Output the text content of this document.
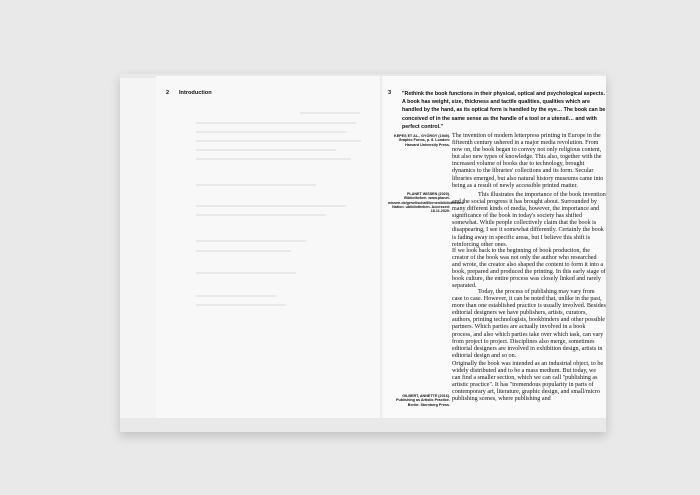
2 Introduction	3 "Rethink the book functions in their physical, optical and psychological aspects. A book has weight, size, thickness and tactile qualities, qualities which are handled by the hand, as its optical form is handled by the eye… The book can be conceived of in the same sense as the handle of a tool or a utensil… and with perfect control."
KEPES ET AL., GYÖRGY (1949). Graphic Forms, p. 8. London: Harvard University Press.
PLANET WISSEN (2020). Bibliotheken. www.planet-wissen.de/gesellschaft/lernen/bibliotheken/ Nation. ubibliotheken. Accessed: 18.11.2020.
GILBERT, ANNETTE (2016). Publishing as Artistic Practice. Berlin: Sternberg Press.

The invention of modern letterpress printing in Europe in the fifteenth century ushered in a major media revolution. From now on, the book began to convey not only religious content, but also new types of knowledge. This also, together with the increased volume of books due to technology, brought dynamics to the libraries' collections and its form. Secular libraries emerged, but also natural history museums came into being as a result of newly accessible printed matter.

This illustrates the importance of the book invention and the social progress it has brought about. Surrounded by many different kinds of media, however, the importance and significance of the book in today's society has shifted somewhat. While people collectively claim that the book is disappearing, I see it somewhat differently. Certainly the book is fading away in specific areas, but I believe this shift is reinforcing other ones.

If we look back to the beginning of book production, the creator of the book was not only the author who researched and wrote, the creator also shaped the content to form it into a book, prepared and produced the printing. In this early stage of book culture, the entire process was closely linked and rarely separated.

Today, the process of publishing may vary from case to case. However, it can be noted that, unlike in the past, more than one established practice is usually involved. Besides editorial designers we have publishers, artists, curators, authors, printing technologists, bookbinders and other possible partners. Which parties are actually involved in a book process, and also which parties take over which task, can vary from project to project. Disciplines also merge, sometimes editorial designers are involved in exhibition design, artists in editorial design and so on.

Originally the book was intended as an industrial object, to be widely distributed and to be a mass medium. But today, we can find a smaller section, which we can call "publishing as artistic practice". It has "tremendous popularity in parts of contemporary art, literature, graphic design, and small/micro publishing scenes, where publishing and
